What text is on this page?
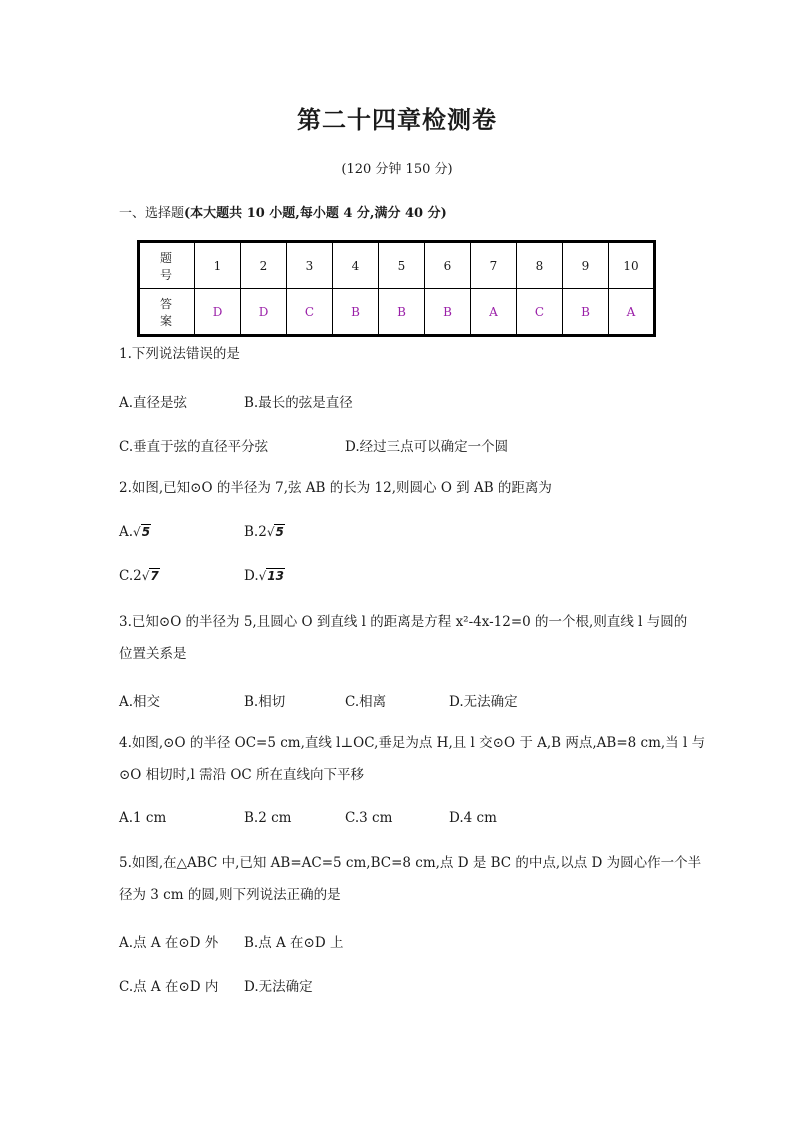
第二十四章检测卷
(120 分钟 150 分)
一、选择题(本大题共 10 小题,每小题 4 分,满分 40 分)
题 号	1	2	3	4	5	6	7	8	9	10
答 案	D	D	C	B	B	B	A	C	B	A
1.下列说法错误的是
A.直径是弦	B.最长的弦是直径
C.垂直于弦的直径平分弦	D.经过三点可以确定一个圆
2.如图,已知⊙O 的半径为 7,弦 AB 的长为 12,则圆心 O 到 AB 的距离为
A.√5	B.2√5
C.2√7	D.√13
3.已知⊙O 的半径为 5,且圆心 O 到直线 l 的距离是方程 x²-4x-12=0 的一个根,则直线 l 与圆的
位置关系是
A.相交	B.相切	C.相离	D.无法确定
4.如图,⊙O 的半径 OC=5 cm,直线 l⊥OC,垂足为点 H,且 l 交⊙O 于 A,B 两点,AB=8 cm,当 l 与
⊙O 相切时,l 需沿 OC 所在直线向下平移
A.1 cm	B.2 cm	C.3 cm	D.4 cm
5.如图,在△ABC 中,已知 AB=AC=5 cm,BC=8 cm,点 D 是 BC 的中点,以点 D 为圆心作一个半
径为 3 cm 的圆,则下列说法正确的是
A.点 A 在⊙D 外 B.点 A 在⊙D 上
C.点 A 在⊙D 内 D.无法确定
